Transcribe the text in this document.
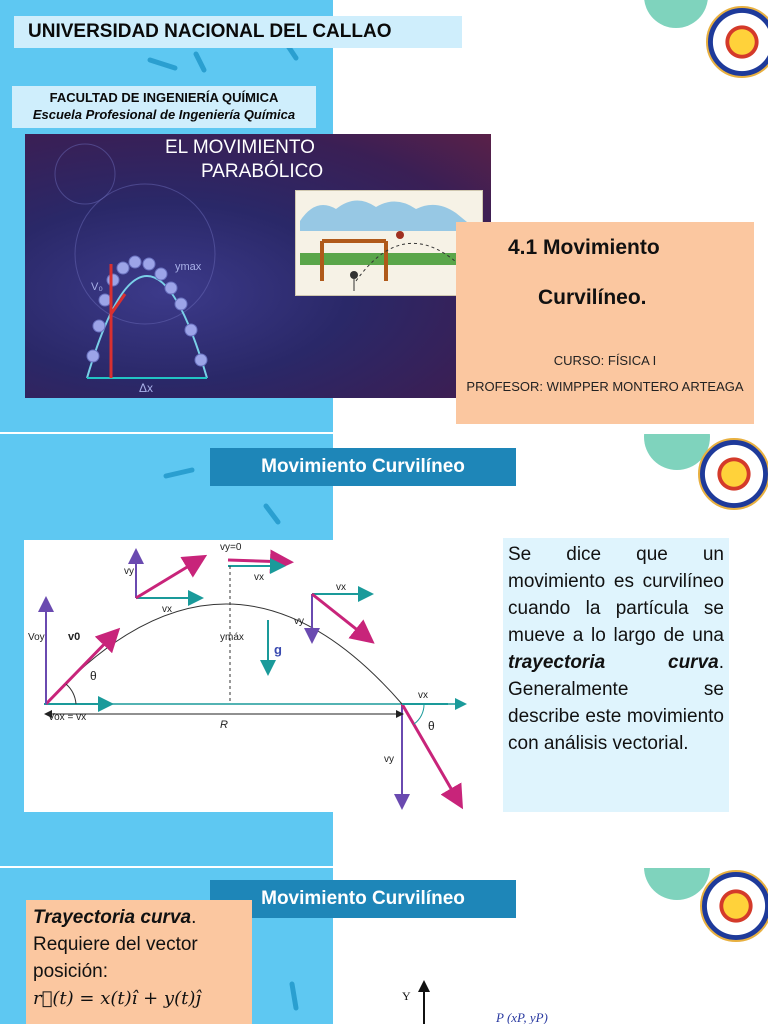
UNIVERSIDAD NACIONAL DEL CALLAO
FACULTAD DE INGENIERÍA QUÍMICA
Escuela Profesional de Ingeniería Química
EL MOVIMIENTO
PARABÓLICO
ymax
V₀
Δx
4.1 Movimiento
Curvilíneo.
CURSO: FÍSICA I
PROFESOR: WIMPPER MONTERO ARTEAGA
Movimiento Curvilíneo
vy=0
vy
vx
vx
vx
vy
Voy v0
θ
ymáx
g
Vox = vx
R
vx
θ
vy
Se dice que un movimiento es curvilíneo cuando la partícula se mueve a lo largo de una trayectoria curva. Generalmente se describe este movimiento con análisis vectorial.
Movimiento Curvilíneo
Trayectoria curva.
Requiere del vector posición:
r⃗(t) = x(t)î + y(t)ĵ	Y
P (xP, yP)
